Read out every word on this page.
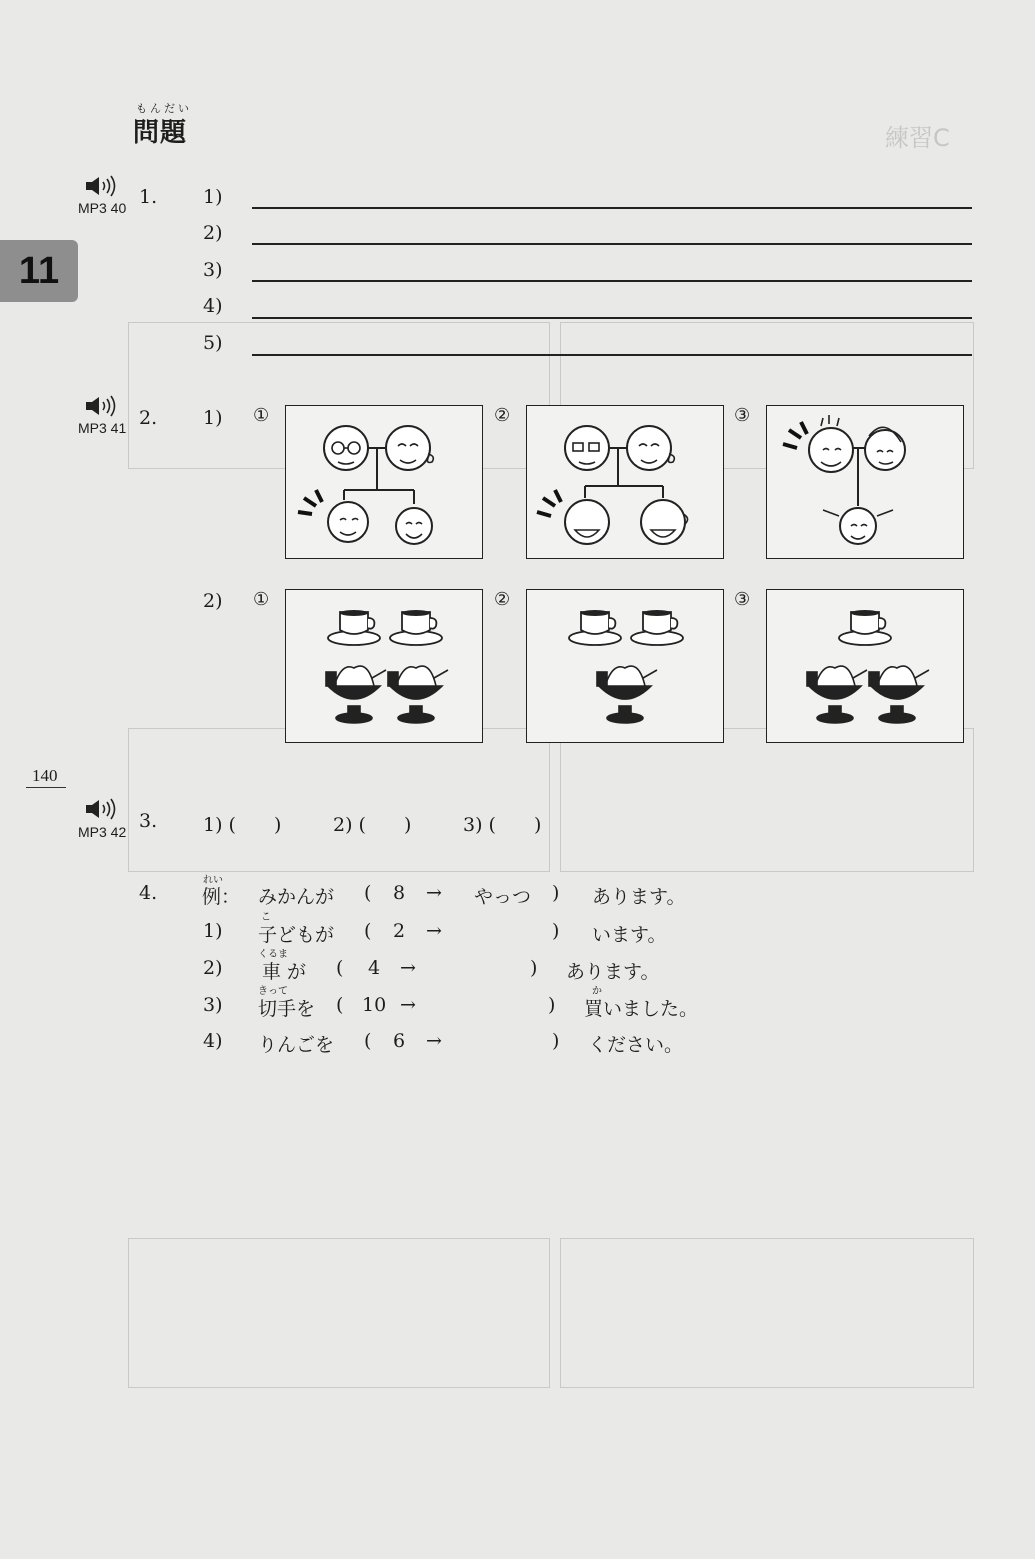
練習C
11
もんだい
問題
MP3 40 1. 1)
2)
3)
4)
5)
MP3 41 2. 1) ①	②	③
2) ①	②	③
140
MP3 42 3. 1) (　　)	2) (　　)	3) (　　)
4.
れい
例： みかんが ( 8 → やっつ ) あります。
こ
1) 子どもが ( 2 →	) います。
くるま
2) 車 が ( 4 →	) あります。
きって	か
3) 切手を ( 10 →	) 買いました。
4) りんごを ( 6 →	) ください。
